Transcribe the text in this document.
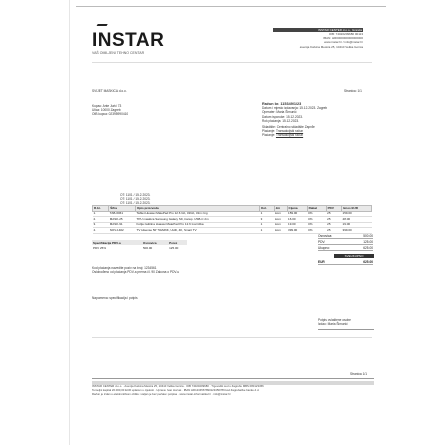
INSTAR
VAŠ OMILJENI TEHNO CENTAR
INSTAR CENTER d.o.o., Granda
OIB: 74020209680 00113
IBAN: HR0000000000000000
www.instar.hr / info@instar.hr
avenija Kalvina Mesića 25, 10410 Velika Gorica
SVIJET MASKICA d.o.o.	Stranica: 1/1
Kupac: Ante Jurić 73
Ulica: 10000 Zagreb
OIB kupca: 02395990410
Račun br. 115349/1/23
Datum i mjesto izdavanja: 15.12.2023. Zagreb
Operater: Maria Šimunić
Datum isporuke: 15.12.2023.
Rok plaćanja: 15.12.2023.
Skladište: Centralno skladište Zaprđe
Plaćanje: Transakcijski račun
Plaćanje: Transakcijski račun
OT: 1101 / 15.2.2023.
OT: 1101 / 15.2.2023.
OT: 1101 / 15.2.2023.
R.br.	Šifra	Opis proizvoda	Kol.	Jm	Cijena	Rabat	PDV	Iznos EUR
1.	TAB-6061	Tablet Huawei MatePad Pro 12.6 Gb, 32Gb, 32m ring	1	kom	159.00	0%	25	159.00
2.	MASK-25	TPU maskica Samsung Galaxy S9, transp. USB-C 2m	3	kom	16.00	0%	25	48.00
3.	MASK-91	Folija zaštitna Huawei MatePad Pro 12.6 tvornička	1	kom	19.00	0%	25	19.00
4.	NOV-1402	TV Hisense 50" 50A66K, UHD, 4K, Smart TV	1	kom	399.00	0%	25	399.00
Specifikacija PDV-a	Osnovica	Porez
PDV 25%	500.00	125.00
Osnovica:	500.00
PDV:	125.00
Ukupno:	625.00
SVEUKUPNO
EUR	625.00
Kod plaćanja navedite poziv na broj: 1234561
Oslobođeno od plaćanja PDV-a prema čl. 90 Zakona o PDV-u
Napomena: specifikacija i potpis
Potpis ovlaštene osobe
Izdao: Maria Šimunić
Stranica 1/1
INSTAR CENTER d.o.o. · Avenija Kalvina Mesića 25, 10410 Velika Gorica · OIB 74020209680 · Trgovački sud u Zagrebu MBS 080123456
Temeljni kapital 20.000,00 EUR uplaćen u cijelosti · Uprava: Ivan Horvat · IBAN HR1234567890123456789 kod Zagrebačke banke d.d.
Račun je izdan u elektroničkom obliku i valjan je bez pečata i potpisa · www.instar-informatika.hr · info@instar.hr
